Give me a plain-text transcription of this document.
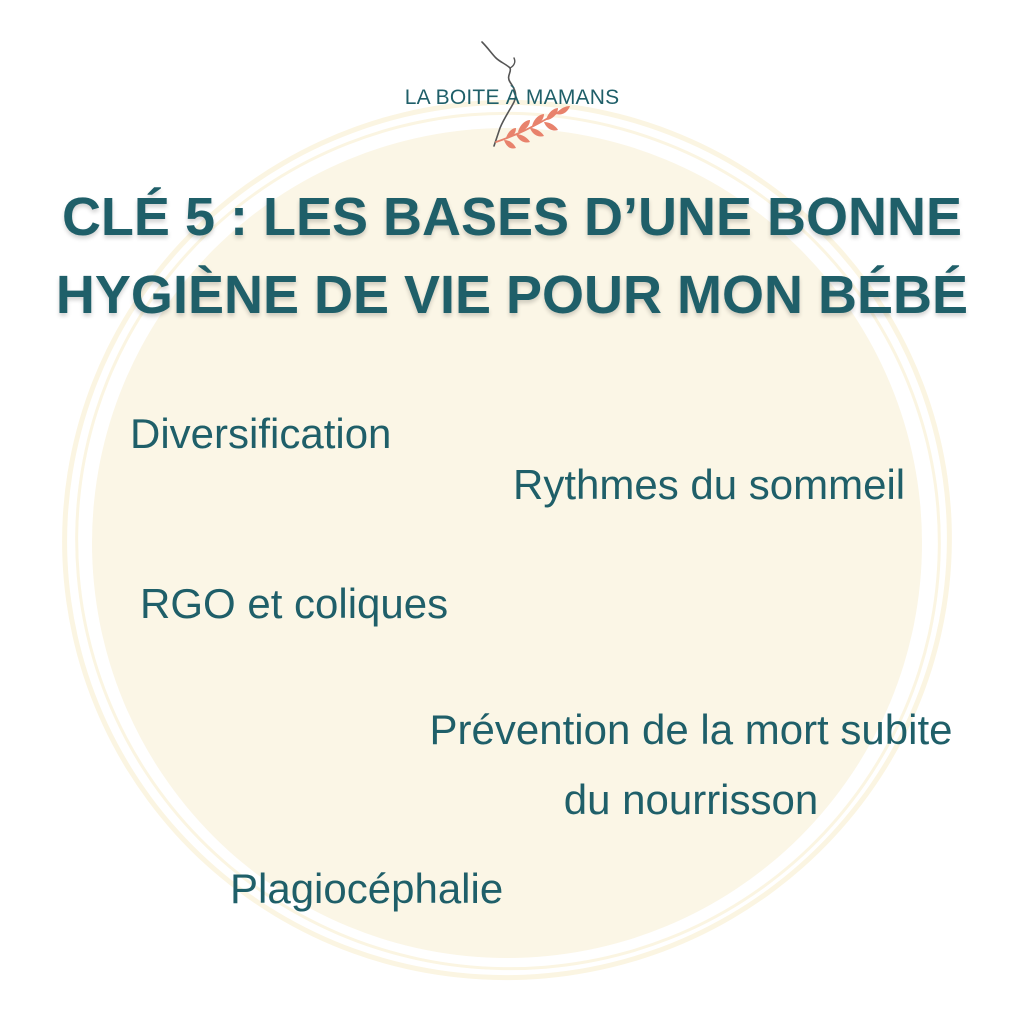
LA BOITE À MAMANS
CLÉ 5 : LES BASES D’UNE BONNE
HYGIÈNE DE VIE POUR MON BÉBÉ
Diversification
Rythmes du sommeil
RGO et coliques
Prévention de la mort subite
du nourrisson
Plagiocéphalie
